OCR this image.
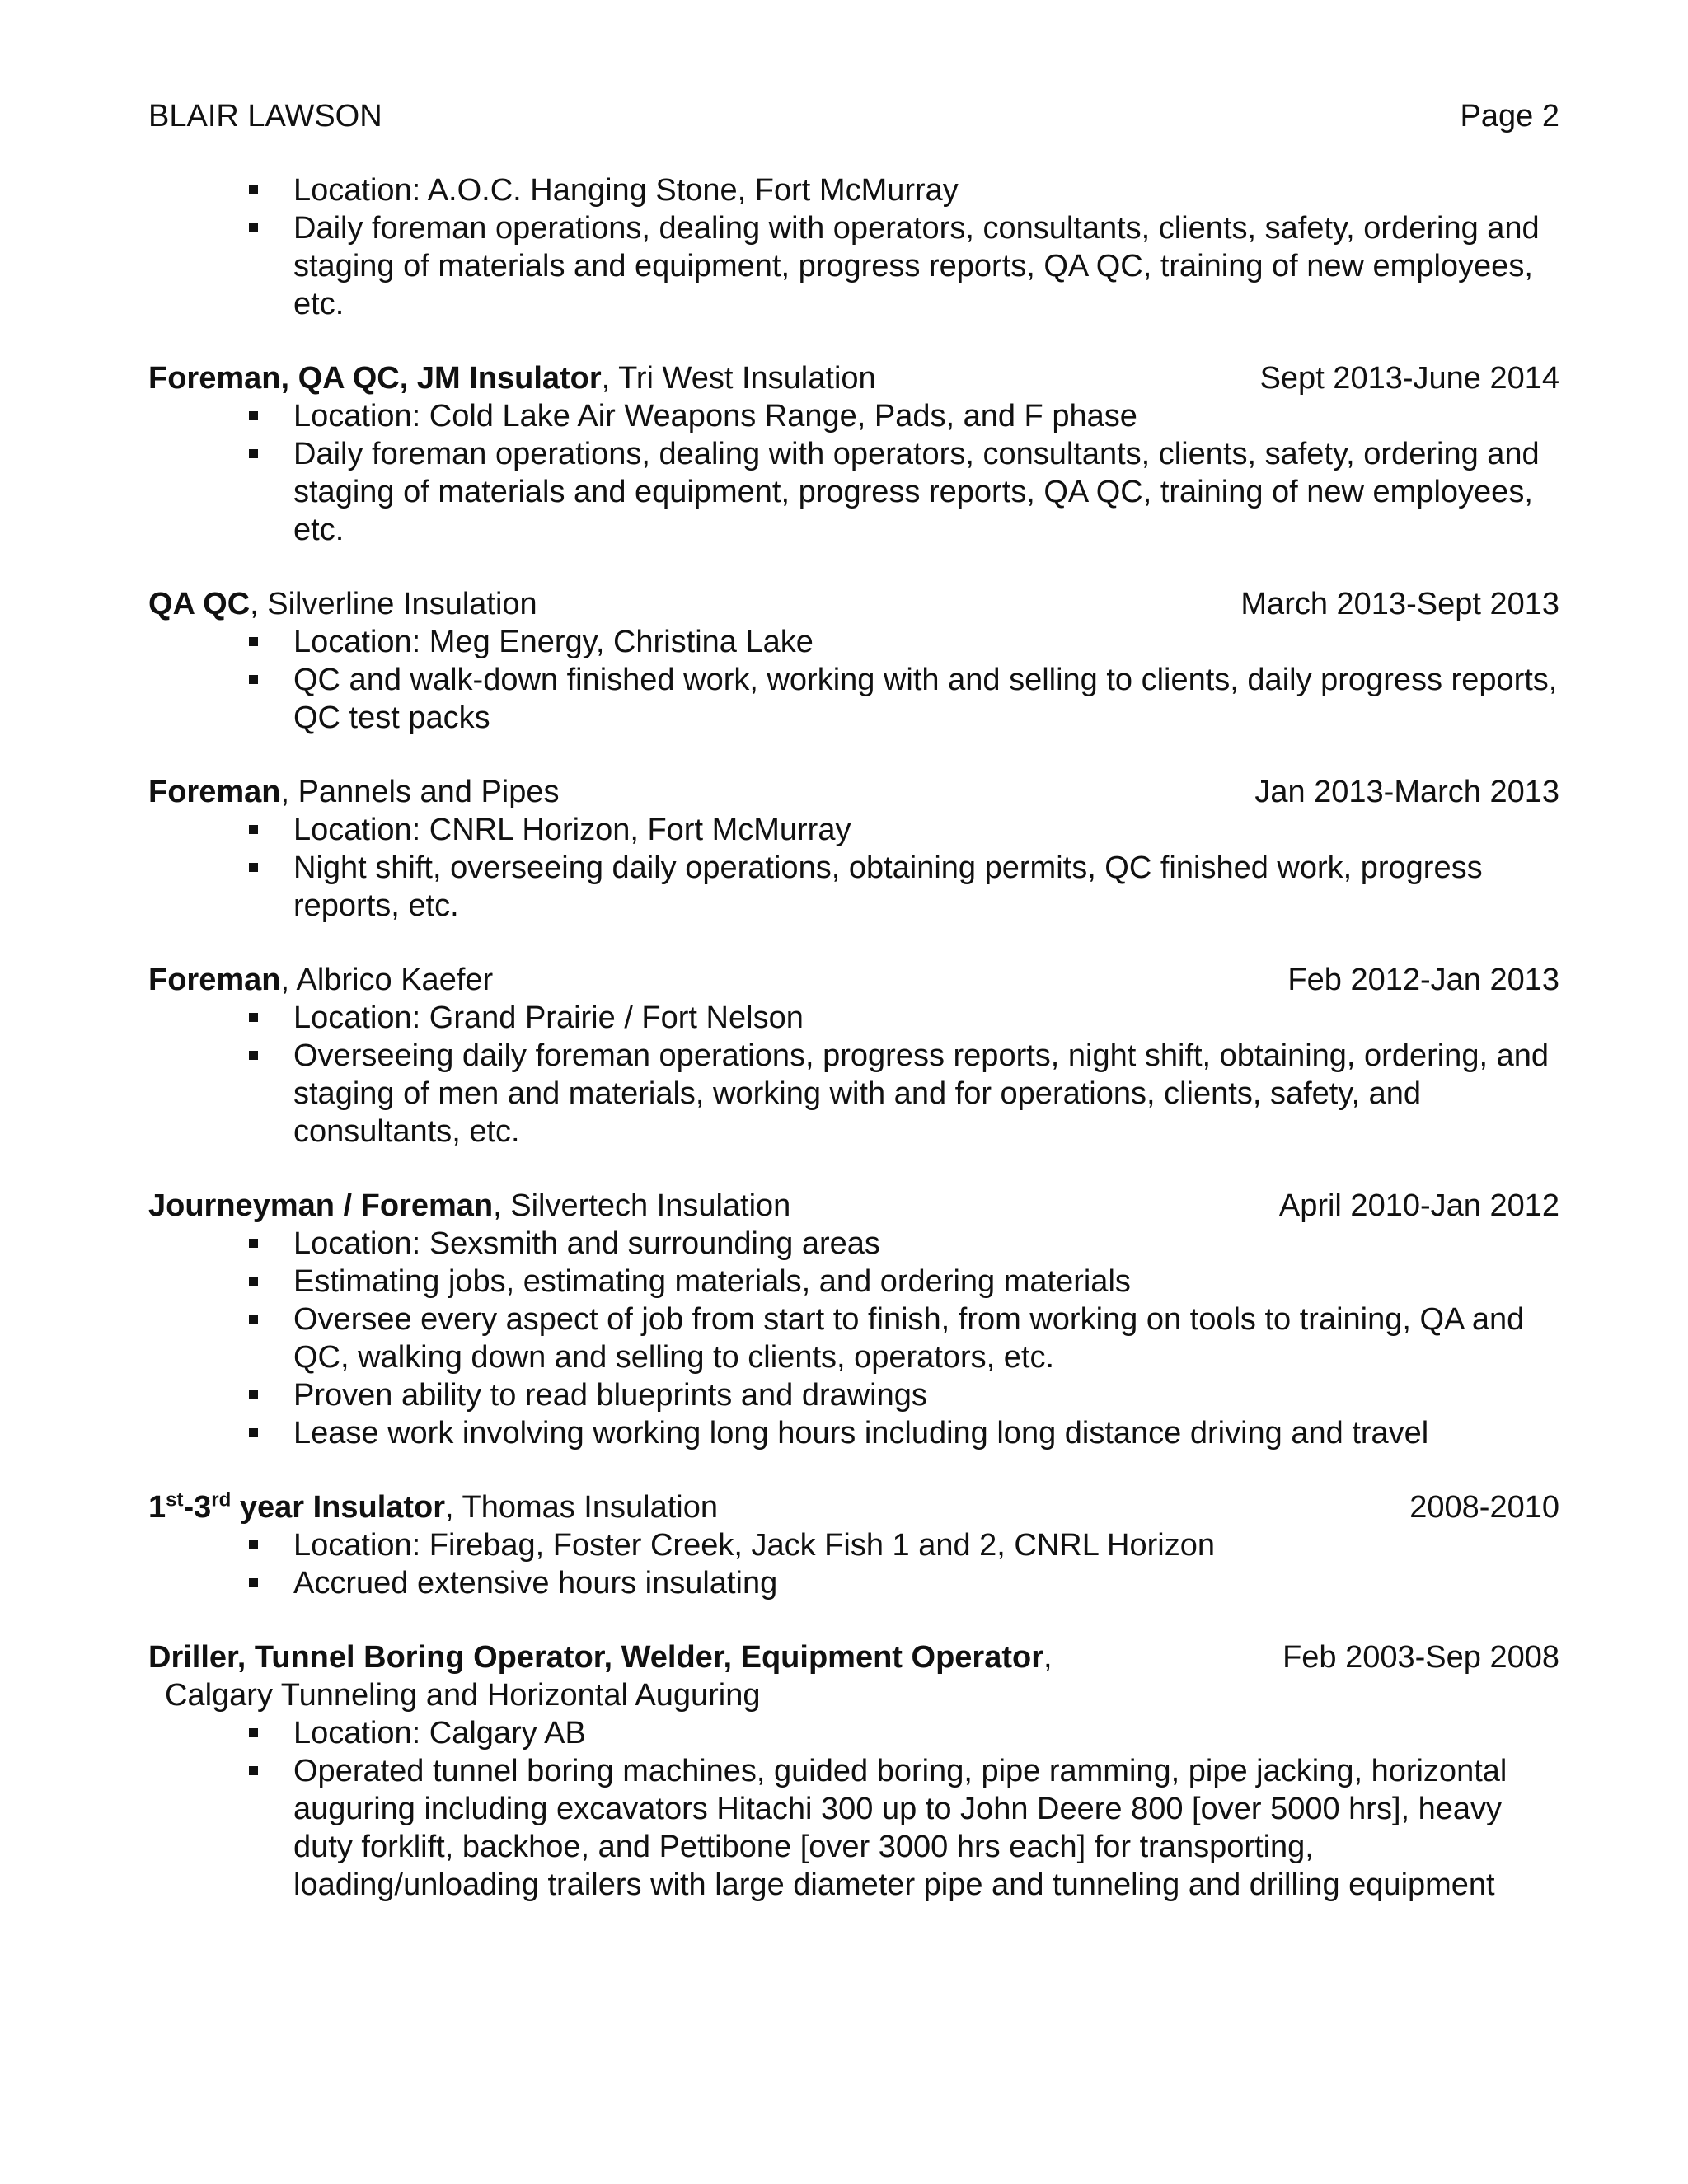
BLAIR LAWSON	Page 2
Location: A.O.C. Hanging Stone, Fort McMurray
Daily foreman operations, dealing with operators, consultants, clients, safety, ordering and staging of materials and equipment, progress reports, QA QC, training of new employees, etc.
Foreman, QA QC, JM Insulator, Tri West Insulation	Sept 2013-June 2014
Location: Cold Lake Air Weapons Range, Pads, and F phase
Daily foreman operations, dealing with operators, consultants, clients, safety, ordering and staging of materials and equipment, progress reports, QA QC, training of new employees, etc.
QA QC, Silverline Insulation	March 2013-Sept 2013
Location: Meg Energy, Christina Lake
QC and walk-down finished work, working with and selling to clients, daily progress reports, QC test packs
Foreman, Pannels and Pipes	Jan 2013-March 2013
Location: CNRL Horizon, Fort McMurray
Night shift, overseeing daily operations, obtaining permits, QC finished work, progress reports, etc.
Foreman, Albrico Kaefer	Feb 2012-Jan 2013
Location: Grand Prairie / Fort Nelson
Overseeing daily foreman operations, progress reports, night shift, obtaining, ordering, and staging of men and materials, working with and for operations, clients, safety, and consultants, etc.
Journeyman / Foreman, Silvertech Insulation	April 2010-Jan 2012
Location: Sexsmith and surrounding areas
Estimating jobs, estimating materials, and ordering materials
Oversee every aspect of job from start to finish, from working on tools to training, QA and QC, walking down and selling to clients, operators, etc.
Proven ability to read blueprints and drawings
Lease work involving working long hours including long distance driving and travel
1st-3rd year Insulator, Thomas Insulation	2008-2010
Location: Firebag, Foster Creek, Jack Fish 1 and 2, CNRL Horizon
Accrued extensive hours insulating
Driller, Tunnel Boring Operator, Welder, Equipment Operator,	Feb 2003-Sep 2008
Calgary Tunneling and Horizontal Auguring
Location: Calgary AB
Operated tunnel boring machines, guided boring, pipe ramming, pipe jacking, horizontal auguring including excavators Hitachi 300 up to John Deere 800 [over 5000 hrs], heavy duty forklift, backhoe, and Pettibone [over 3000 hrs each] for transporting, loading/unloading trailers with large diameter pipe and tunneling and drilling equipment
